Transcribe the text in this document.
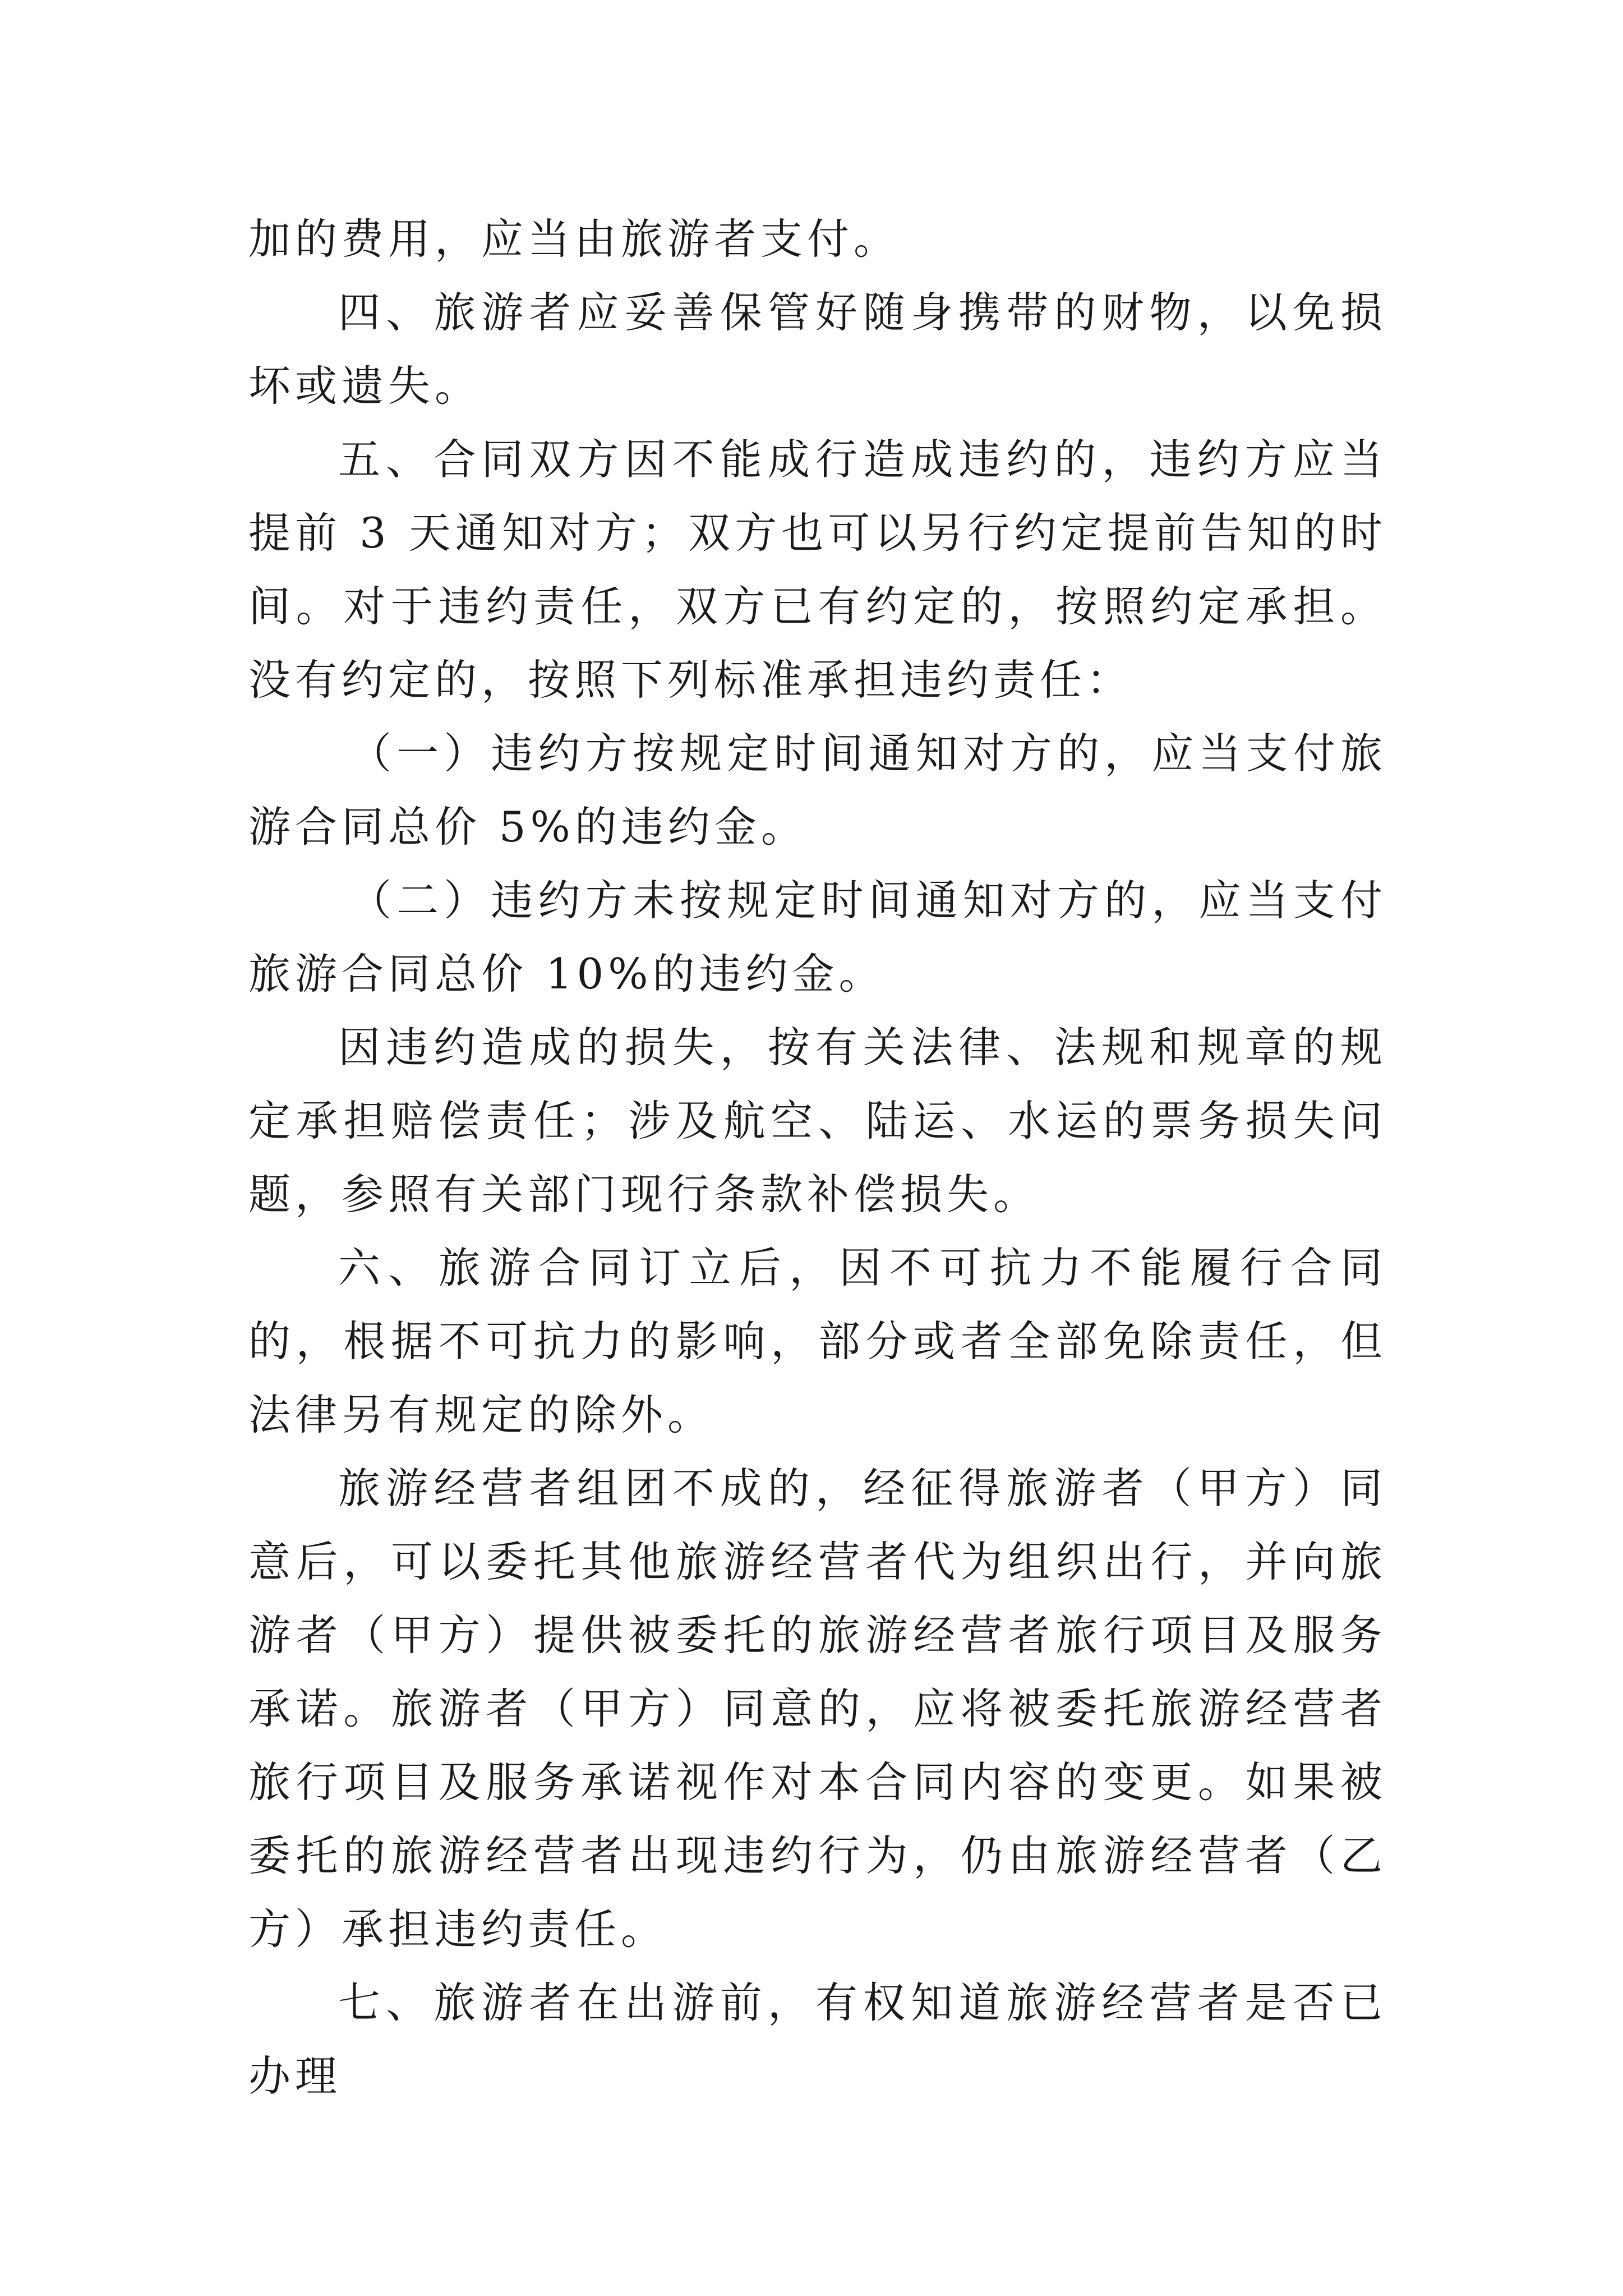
加的费用，应当由旅游者支付。

四、旅游者应妥善保管好随身携带的财物，以免损坏或遗失。

五、合同双方因不能成行造成违约的，违约方应当提前 3 天通知对方；双方也可以另行约定提前告知的时间。对于违约责任，双方已有约定的，按照约定承担。没有约定的，按照下列标准承担违约责任：

（一）违约方按规定时间通知对方的，应当支付旅游合同总价 5%的违约金。

（二）违约方未按规定时间通知对方的，应当支付旅游合同总价 10%的违约金。

因违约造成的损失，按有关法律、法规和规章的规定承担赔偿责任；涉及航空、陆运、水运的票务损失问题，参照有关部门现行条款补偿损失。

六、旅游合同订立后，因不可抗力不能履行合同的，根据不可抗力的影响，部分或者全部免除责任，但法律另有规定的除外。

旅游经营者组团不成的，经征得旅游者（甲方）同意后，可以委托其他旅游经营者代为组织出行，并向旅游者（甲方）提供被委托的旅游经营者旅行项目及服务承诺。旅游者（甲方）同意的，应将被委托旅游经营者旅行项目及服务承诺视作对本合同内容的变更。如果被委托的旅游经营者出现违约行为，仍由旅游经营者（乙方）承担违约责任。

七、旅游者在出游前，有权知道旅游经营者是否已办理
